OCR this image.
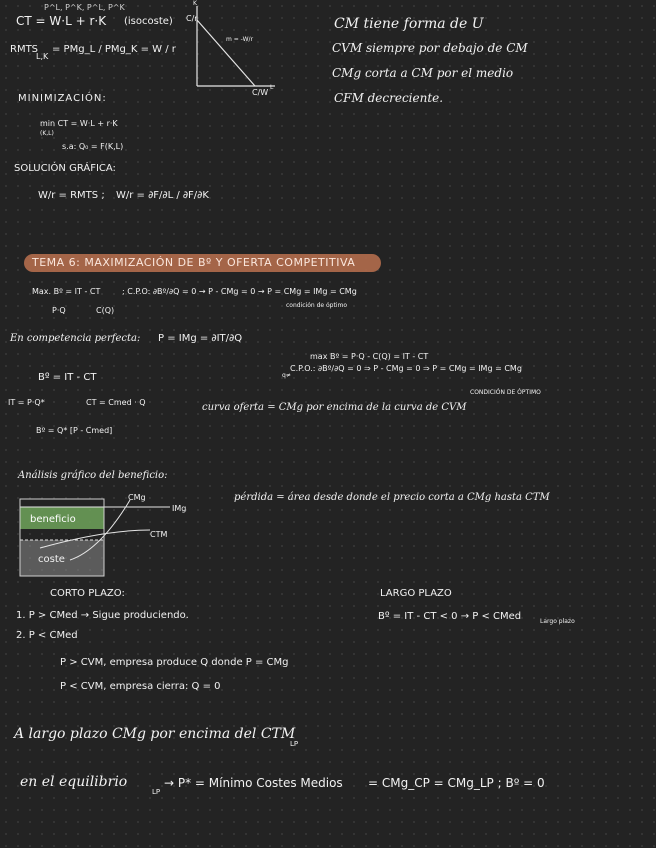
P^L, P^K, P^L, P^K
CT = W·L + r·K (isocoste)
RMTS
L,K
= PMg_L / PMg_K = W / r
MINIMIZACIÓN:
min CT = W·L + r·K
(K,L)
s.a: Q₀ = F(K,L)
SOLUCIÓN GRÁFICA:
W/r = RMTS ; W/r = ∂F/∂L / ∂F/∂K
C/r
K
m = -W/r
C/W
L
CM tiene forma de U
CVM siempre por debajo de CM
CMg corta a CM por el medio
CFM decreciente.
TEMA 6: MAXIMIZACIÓN DE Bº Y OFERTA COMPETITIVA
Max. Bº = IT - CT	; C.P.O: ∂Bº/∂Q = 0 → P - CMg = 0 → P = CMg = IMg = CMg
condición de óptimo
P·Q	C(Q)
En competencia perfecta: P = IMg = ∂IT/∂Q
max Bº = P·Q - C(Q) = IT - CT
C.P.O.: ∂Bº/∂Q = 0 ⇒ P - CMg = 0 ⇒ P = CMg = IMg = CMg
q≠
CONDICIÓN DE ÓPTIMO
Bº = IT - CT
IT = P·Q*	CT = Cmed · Q
Bº = Q* [P - Cmed]
curva oferta = CMg por encima de la curva de CVM
Análisis gráfico del beneficio:
CMg
IMg
CTM
beneficio
coste
pérdida = área desde donde el precio corta a CMg hasta CTM
CORTO PLAZO:
1. P > CMed → Sigue produciendo.
2. P < CMed
P > CVM, empresa produce Q donde P = CMg
P < CVM, empresa cierra: Q = 0
LARGO PLAZO
Bº = IT - CT < 0 → P < CMed	Largo plazo
A largo plazo CMg por encima del CTM
LP
en el equilibrio
LP
→ P* = Mínimo Costes Medios = CMg_CP = CMg_LP ; Bº = 0
